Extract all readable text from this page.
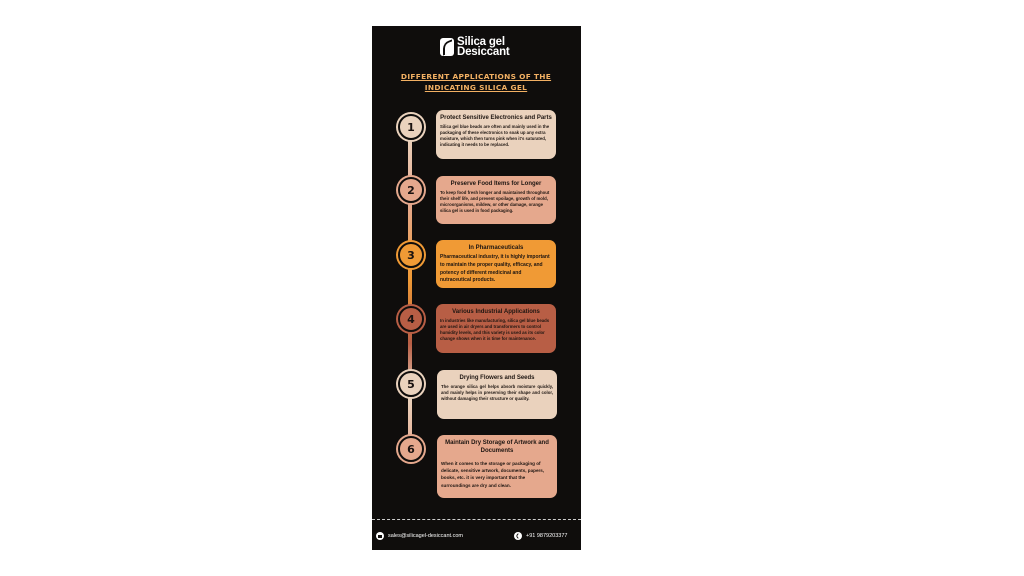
Silica gel
Desiccant
DIFFERENT APPLICATIONS OF THE
INDICATING SILICA GEL
1
Protect Sensitive Electronics and Parts

Silica gel blue beads are often and mainly used in the packaging of these electronics to soak up any extra moisture, which then turns pink when it's saturated, indicating it needs to be replaced.

2	Preserve Food Items for Longer

To keep food fresh longer and maintained throughout their shelf life, and prevent spoilage, growth of mold, microorganisms, mildew, or other damage, orange silica gel is used in food packaging.

3
In Pharmaceuticals

Pharmaceutical industry, it is highly important to maintain the proper quality, efficacy, and potency of different medicinal and nutraceutical products.

4
Various Industrial Applications

In industries like manufacturing, silica gel blue beads are used in air dryers and transformers to control humidity levels, and this variety is used as its color change shows when it is time for maintenance.

5	Drying Flowers and Seeds

The orange silica gel helps absorb moisture quickly, and mainly helps in preserving their shape and color, without damaging their structure or quality.

6	Maintain Dry Storage of Artwork and Documents

When it comes to the storage or packaging of delicate, sensitive artwork, documents, papers, books, etc. it is very important that the surroundings are dry and clean.

sales@silicagel-desiccant.com	+91 9879203377
